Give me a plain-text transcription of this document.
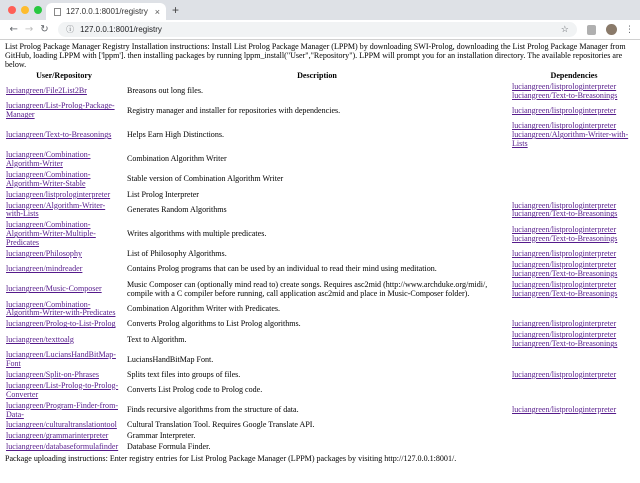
127.0.0.1:8001/registry × +
← → ↻	ⓘ 127.0.0.1:8001/registry	☆	⋮

List Prolog Package Manager Registry Installation instructions: Install List Prolog Package Manager (LPPM) by downloading SWI-Prolog, downloading the List Prolog Package Manager from GitHub, loading LPPM with ['lppm']. then installing packages by running lppm_install("User","Repository"). LPPM will prompt you for an installation directory. The available repositories are below.

User/Repository	Description	Dependencies
luciangreen/File2List2Br	Breasons out long files.	luciangreen/listprologinterpreter
luciangreen/Text-to-Breasonings

luciangreen/List-Prolog-Package-Manager	Registry manager and installer for repositories with dependencies.	luciangreen/listprologinterpreter

luciangreen/Text-to-Breasonings	Helps Earn High Distinctions.	luciangreen/listprologinterpreter
luciangreen/Algorithm-Writer-with-Lists

luciangreen/Combination-Algorithm-Writer	Combination Algorithm Writer	
luciangreen/Combination-Algorithm-Writer-Stable	Stable version of Combination Algorithm Writer	
luciangreen/listprologinterpreter	List Prolog Interpreter	
luciangreen/Algorithm-Writer-with-Lists	Generates Random Algorithms	luciangreen/listprologinterpreter
luciangreen/Text-to-Breasonings

luciangreen/Combination-Algorithm-Writer-Multiple-Predicates	Writes algorithms with multiple predicates.	luciangreen/listprologinterpreter
luciangreen/Text-to-Breasonings

luciangreen/Philosophy	List of Philosophy Algorithms.	luciangreen/listprologinterpreter

luciangreen/mindreader	Contains Prolog programs that can be used by an individual to read their mind using meditation.	luciangreen/listprologinterpreter
luciangreen/Text-to-Breasonings

luciangreen/Music-Composer	Music Composer can (optionally mind read to) create songs. Requires asc2mid (http://www.archduke.org/midi/, compile with a C compiler before running, call application asc2mid and place in Music-Composer folder).	luciangreen/listprologinterpreter
luciangreen/Text-to-Breasonings

luciangreen/Combination-Algorithm-Writer-with-Predicates	Combination Algorithm Writer with Predicates.	
luciangreen/Prolog-to-List-Prolog	Converts Prolog algorithms to List Prolog algorithms.	luciangreen/listprologinterpreter

luciangreen/texttoalg	Text to Algorithm.	luciangreen/listprologinterpreter
luciangreen/Text-to-Breasonings

luciangreen/LuciansHandBitMap-Font	LuciansHandBitMap Font.	
luciangreen/Split-on-Phrases	Splits text files into groups of files.	luciangreen/listprologinterpreter

luciangreen/List-Prolog-to-Prolog-Converter	Converts List Prolog code to Prolog code.	
luciangreen/Program-Finder-from-Data-	Finds recursive algorithms from the structure of data.	luciangreen/listprologinterpreter

luciangreen/culturaltranslationtool	Cultural Translation Tool. Requires Google Translate API.	
luciangreen/grammarinterpreter	Grammar Interpreter.	
luciangreen/databaseformulafinder	Database Formula Finder.	
Package uploading instructions: Enter registry entries for List Prolog Package Manager (LPPM) packages by visiting http://127.0.0.1:8001/.
